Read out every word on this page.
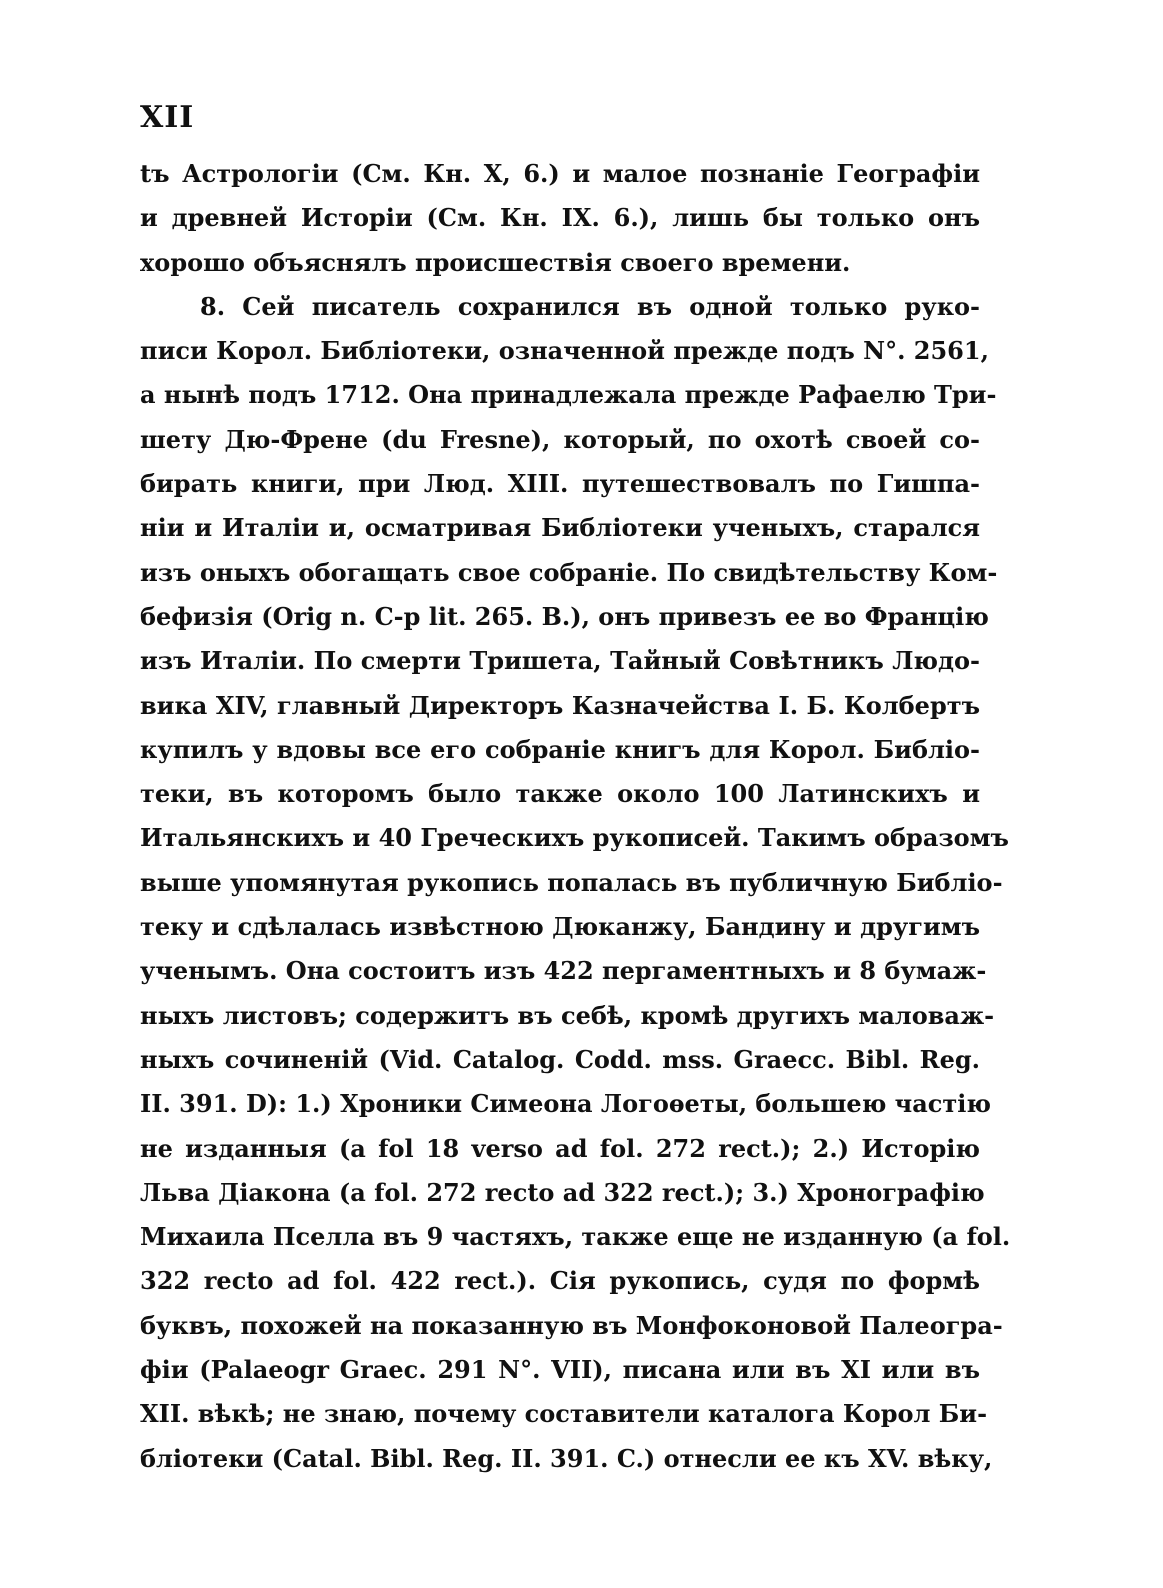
XII
tъ Астрологіи (См. Кн. X, 6.) и малое познаніе Географіи
и древней Исторіи (См. Кн. IX. 6.), лишь бы только онъ
хорошо объяснялъ происшествія своего времени.
8. Сей писатель сохранился въ одной только руко-
писи Корол. Библіотеки, означенной прежде подъ N°. 2561,
а нынѣ подъ 1712. Она принадлежала прежде Рафаелю Три-
шету Дю-Френе (du Fresne), который, по охотѣ своей со-
бирать книги, при Люд. XIII. путешествовалъ по Гишпа-
ніи и Италіи и, осматривая Библіотеки ученыхъ, старался
изъ оныхъ обогащать свое собраніе. По свидѣтельству Ком-
бефизія (Orig n. C-p lit. 265. B.), онъ привезъ ее во Францію
изъ Италіи. По смерти Тришета, Тайный Совѣтникъ Людо-
вика XIV, главный Директоръ Казначейства I. Б. Колбертъ
купилъ у вдовы все его собраніе книгъ для Корол. Библіо-
теки, въ которомъ было также около 100 Латинскихъ и
Итальянскихъ и 40 Греческихъ рукописей. Такимъ образомъ
выше упомянутая рукопись попалась въ публичную Библіо-
теку и сдѣлалась извѣстною Дюканжу, Бандину и другимъ
ученымъ. Она состоитъ изъ 422 пергаментныхъ и 8 бумаж-
ныхъ листовъ; содержитъ въ себѣ, кромѣ другихъ маловаж-
ныхъ сочиненій (Vid. Catalog. Codd. mss. Graecc. Bibl. Reg.
II. 391. D): 1.) Хроники Симеона Логоѳеты, большею частію
не изданныя (a fol 18 verso ad fol. 272 rect.); 2.) Исторію
Льва Діакона (a fol. 272 recto ad 322 rect.); 3.) Хронографію
Михаила Пселла въ 9 частяхъ, также еще не изданную (a fol.
322 recto ad fol. 422 rect.). Сія рукопись, судя по формѣ
буквъ, похожей на показанную въ Монфоконовой Палеогра-
фіи (Palaeogr Graec. 291 N°. VII), писана или въ XI или въ
XII. вѣкѣ; не знаю, почему составители каталога Корол Би-
бліотеки (Catal. Bibl. Reg. II. 391. C.) отнесли ее къ XV. вѣку,
